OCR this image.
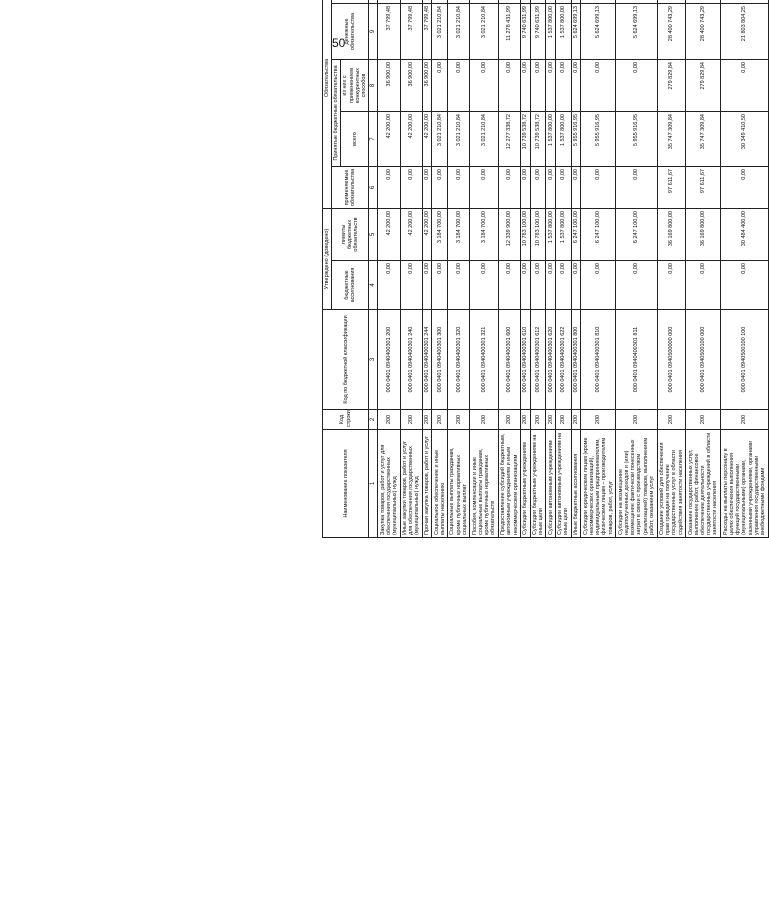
50
Наименование показателя	Код строки	Код по бюджетной классификации	Утверждено (доведено)		Обязательства	
			бюджетные ассигнования	лимиты бюджетных обязательств	применяемые обязательства	Принятые бюджетные обязательства		денежные обязательства			
						всего	из них с применением конкурентных способов				
1	2	3	4	5	6	7	8	9			
Закупка товаров, работ и услуг для обеспечения государственных (муниципальных) нужд	200	000 0401 0940400301 200	0,00	42 200,00	0,00	42 200,00	36 900,00	37 799,48			
Иные закупки товаров, работ и услуг для обеспечения государственных (муниципальных) нужд	200	000 0401 0940400301 240	0,00	42 200,00	0,00	42 200,00	36 900,00	37 799,48			
Прочая закупка товаров, работ и услуг	200	000 0401 0940400301 244	0,00	42 200,00	0,00	42 200,00	36 900,00	37 799,48			
Социальное обеспечение и иные выплаты населению	200	000 0401 0940400301 300	0,00	3 184 700,00	0,00	3 021 210,84	0,00	3 021 210,84			
Социальные выплаты гражданам, кроме публичных нормативных социальных выплат	200	000 0401 0940400301 320	0,00	3 184 700,00	0,00	3 021 210,84	0,00	3 021 210,84			
Пособия, компенсации и иные социальные выплаты гражданам, кроме публичных нормативных обязательств	200	000 0401 0940400301 321	0,00	3 184 700,00	0,00	3 021 210,84	0,00	3 021 210,84			
Предоставление субсидий бюджетным, автономным учреждениям и иным некоммерческим организациям	200	000 0401 0940400301 600	0,00	12 339 900,00	0,00	12 277 338,72	0,00	11 278 431,99			
Субсидии бюджетным учреждениям	200	000 0401 0940400301 610	0,00	10 783 100,00	0,00	10 739 538,72	0,00	9 740 631,99			
Субсидии бюджетным учреждениям на иные цели	200	000 0401 0940400301 612	0,00	10 783 100,00	0,00	10 739 538,72	0,00	9 740 631,99			
Субсидии автономным учреждениям	200	000 0401 0940400301 620	0,00	1 537 800,00	0,00	1 537 800,00	0,00	1 537 800,00			
Субсидии автономным учреждениям на иные цели	200	000 0401 0940400301 622	0,00	1 537 800,00	0,00	1 537 800,00	0,00	1 537 800,00			
Иные бюджетные ассигнования	200	000 0401 0940400301 800	0,00	6 247 100,00	0,00	5 955 916,95	0,00	5 624 699,13			
Субсидии юридическим лицам (кроме некоммерческих организаций), индивидуальным предпринимателям, физическим лицам – производителям товаров, работ, услуг	200	000 0401 0940400301 810	0,00	6 247 100,00	0,00	5 955 916,95	0,00	5 624 699,13			
Субсидии на возмещение недополученных доходов и (или) возмещение фактически понесенных затрат в связи с производством (реализацией) товаров, выполнением работ, оказанием услуг	200	000 0401 0940400301 811	0,00	6 247 100,00	0,00	5 955 916,95	0,00	5 624 699,13			
Создание условий для обеспечения прав граждан на получение государственных услуг в области содействия занятости населения	200	000 0401 0940500000 000	0,00	36 169 800,00	97 611,67	35 747 309,84	279 829,84	28 400 743,29			
Оказание государственных услуг, выполнение работ, финансовое обеспечение деятельности государственных учреждений в области занятости населения	200	000 0401 0940500100 000	0,00	36 169 800,00	97 611,67	35 747 309,84	279 829,84	28 400 743,29			
Расходы на выплаты персоналу в целях обеспечения выполнения функций государственными (муниципальными) органами, казенными учреждениями, органами управления государственными внебюджетными фондами	200	000 0401 0940500100 100	0,00	30 484 400,00	0,00	30 349 410,50	0,00	21 803 804,25			
